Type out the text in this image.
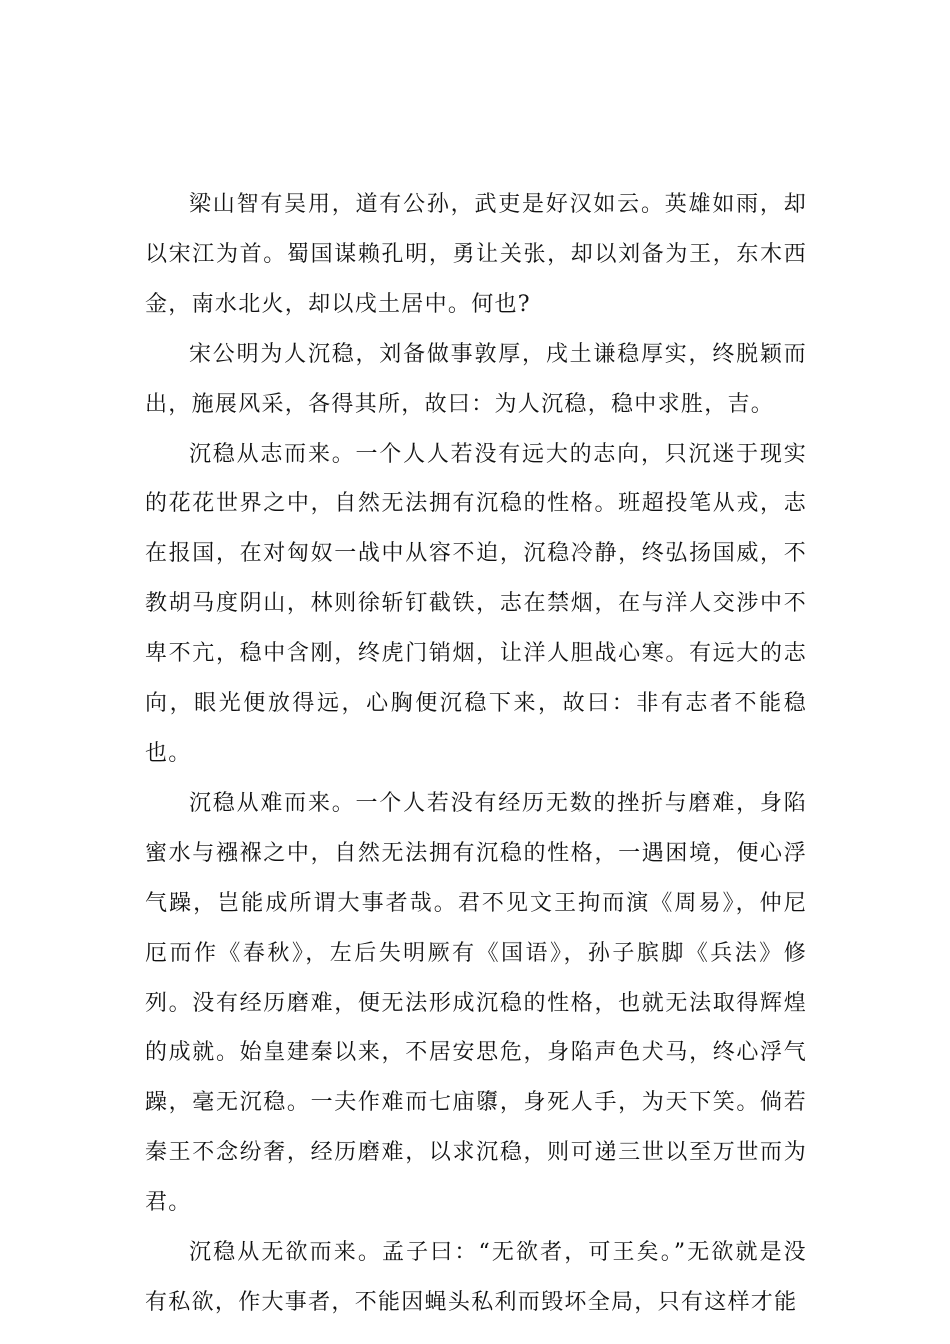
梁山智有吴用，道有公孙，武吏是好汉如云。英雄如雨，却以宋江为首。蜀国谋赖孔明，勇让关张，却以刘备为王，东木西金，南水北火，却以戌土居中。何也?

宋公明为人沉稳，刘备做事敦厚，戌土谦稳厚实，终脱颖而出，施展风采，各得其所，故曰：为人沉稳，稳中求胜，吉。

沉稳从志而来。一个人人若没有远大的志向，只沉迷于现实的花花世界之中，自然无法拥有沉稳的性格。班超投笔从戎，志在报国，在对匈奴一战中从容不迫，沉稳冷静，终弘扬国威，不教胡马度阴山，林则徐斩钉截铁，志在禁烟，在与洋人交涉中不卑不亢，稳中含刚，终虎门销烟，让洋人胆战心寒。有远大的志向，眼光便放得远，心胸便沉稳下来，故曰：非有志者不能稳也。

沉稳从难而来。一个人若没有经历无数的挫折与磨难，身陷蜜水与襁褓之中，自然无法拥有沉稳的性格，一遇困境，便心浮气躁，岂能成所谓大事者哉。君不见文王拘而演《周易》，仲尼厄而作《春秋》，左后失明厥有《国语》，孙子膑脚《兵法》修列。没有经历磨难，便无法形成沉稳的性格，也就无法取得辉煌的成就。始皇建秦以来，不居安思危，身陷声色犬马，终心浮气躁，毫无沉稳。一夫作难而七庙隳，身死人手，为天下笑。倘若秦王不念纷奢，经历磨难，以求沉稳，则可递三世以至万世而为君。

沉稳从无欲而来。孟子曰：“无欲者，可王矣。”无欲就是没有私欲，作大事者，不能因蝇头私利而毁坏全局，只有这样才能
